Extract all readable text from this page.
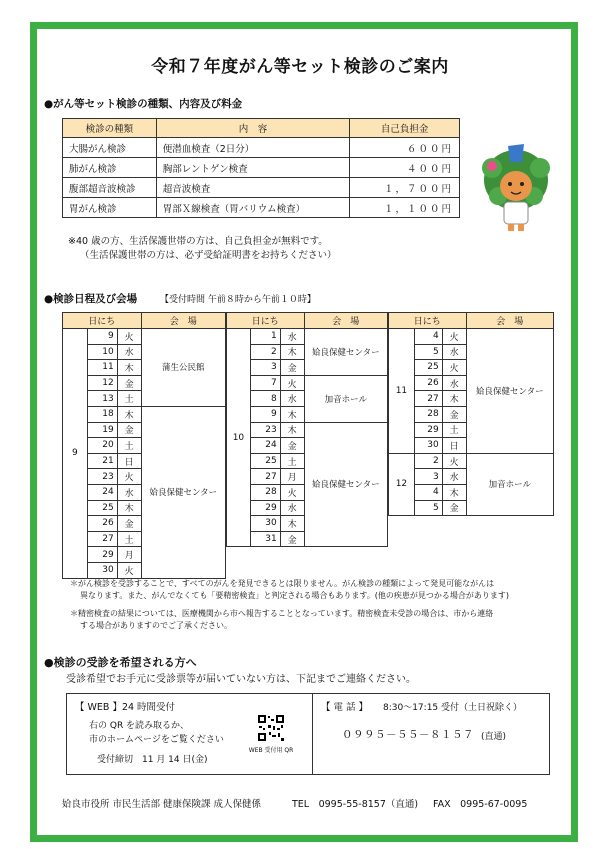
令和７年度がん等セット検診のご案内
●がん等セット検診の種類、内容及び料金
検診の種類	内　容	自己負担金
大腸がん検診	便潜血検査（2日分）	６００円
肺がん検診	胸部レントゲン検査	４００円
腹部超音波検診	超音波検査	１，７００円
胃がん検診	胃部Ｘ線検査（胃バリウム検査）	１，１００円
※40 歳の方、生活保護世帯の方は、自己負担金が無料です。
（生活保護世帯の方は、必ず受給証明書をお持ちください）
●検診日程及び会場	【受付時間 午前８時から午前１０時】
日にち			会　場
9	9	火	蒲生公民館
	10	水	
	11	木	
	12	金	
	13	土	
	18	木	姶良保健センター
	19	金	
	20	土	
	21	日	
	23	火	
	24	水	
	25	木	
	26	金	
	27	土	
	29	月	
	30	火	
日にち			会　場
10	1	水	姶良保健センター
	2	木	
	3	金	
	7	火	加音ホール
	8	水	
	9	木	
	23	木	姶良保健センター
	24	金	
	25	土	
	27	月	
	28	火	
	29	水	
	30	木	
	31	金	
日にち			会　場
11	4	火	姶良保健センター
	5	水	
	25	火	
	26	水	
	27	木	
	28	金	
	29	土	
	30	日	
12	2	火	加音ホール
	3	水	
	4	木	
	5	金	
＊がん検診を受診することで、すべてのがんを発見できるとは限りません。がん検診の種類によって発見可能ながんは
異なります。また、がんでなくても「要精密検査」と判定される場合もあります。(他の疾患が見つかる場合があります)
＊精密検査の結果については、医療機関から市へ報告することとなっています。精密検査未受診の場合は、市から連絡
する場合がありますのでご了承ください。
●検診の受診を希望される方へ
受診希望でお手元に受診票等が届いていない方は、下記までご連絡ください。
【 WEB 】24 時間受付
右の QR を読み取るか、
市のホームページをご覧ください
受付締切　11 月 14 日(金)
WEB 受付用 QR
【 電 話 】 8:30～17:15 受付（土日祝除く）
０９９５－５５－８１５７ (直通)
姶良市役所 市民生活部 健康保険課 成人保健係	TEL　0995-55-8157（直通) FAX　0995-67-0095
